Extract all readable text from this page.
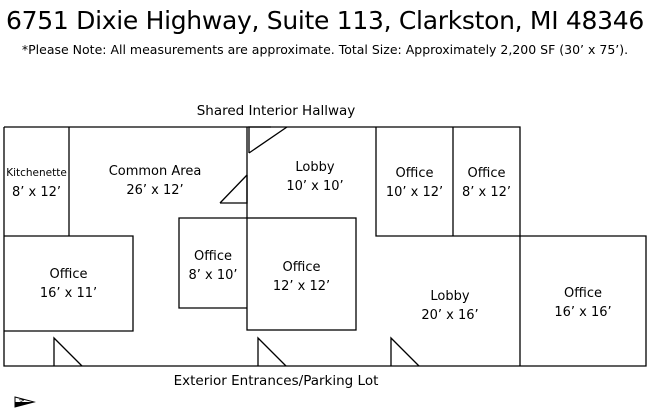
6751 Dixie Highway, Suite 113, Clarkston, MI 48346
*Please Note: All measurements are approximate. Total Size: Approximately 2,200 SF (30’ x 75’).
Shared Interior Hallway
Exterior Entrances/Parking Lot
Kitchenette
8’ x 12’
Common Area
26’ x 12’
Lobby
10’ x 10’
Office
10’ x 12’
Office
8’ x 12’
Office
16’ x 11’
Office
8’ x 10’
Office
12’ x 12’
Lobby
20’ x 16’
Office
16’ x 16’
N
